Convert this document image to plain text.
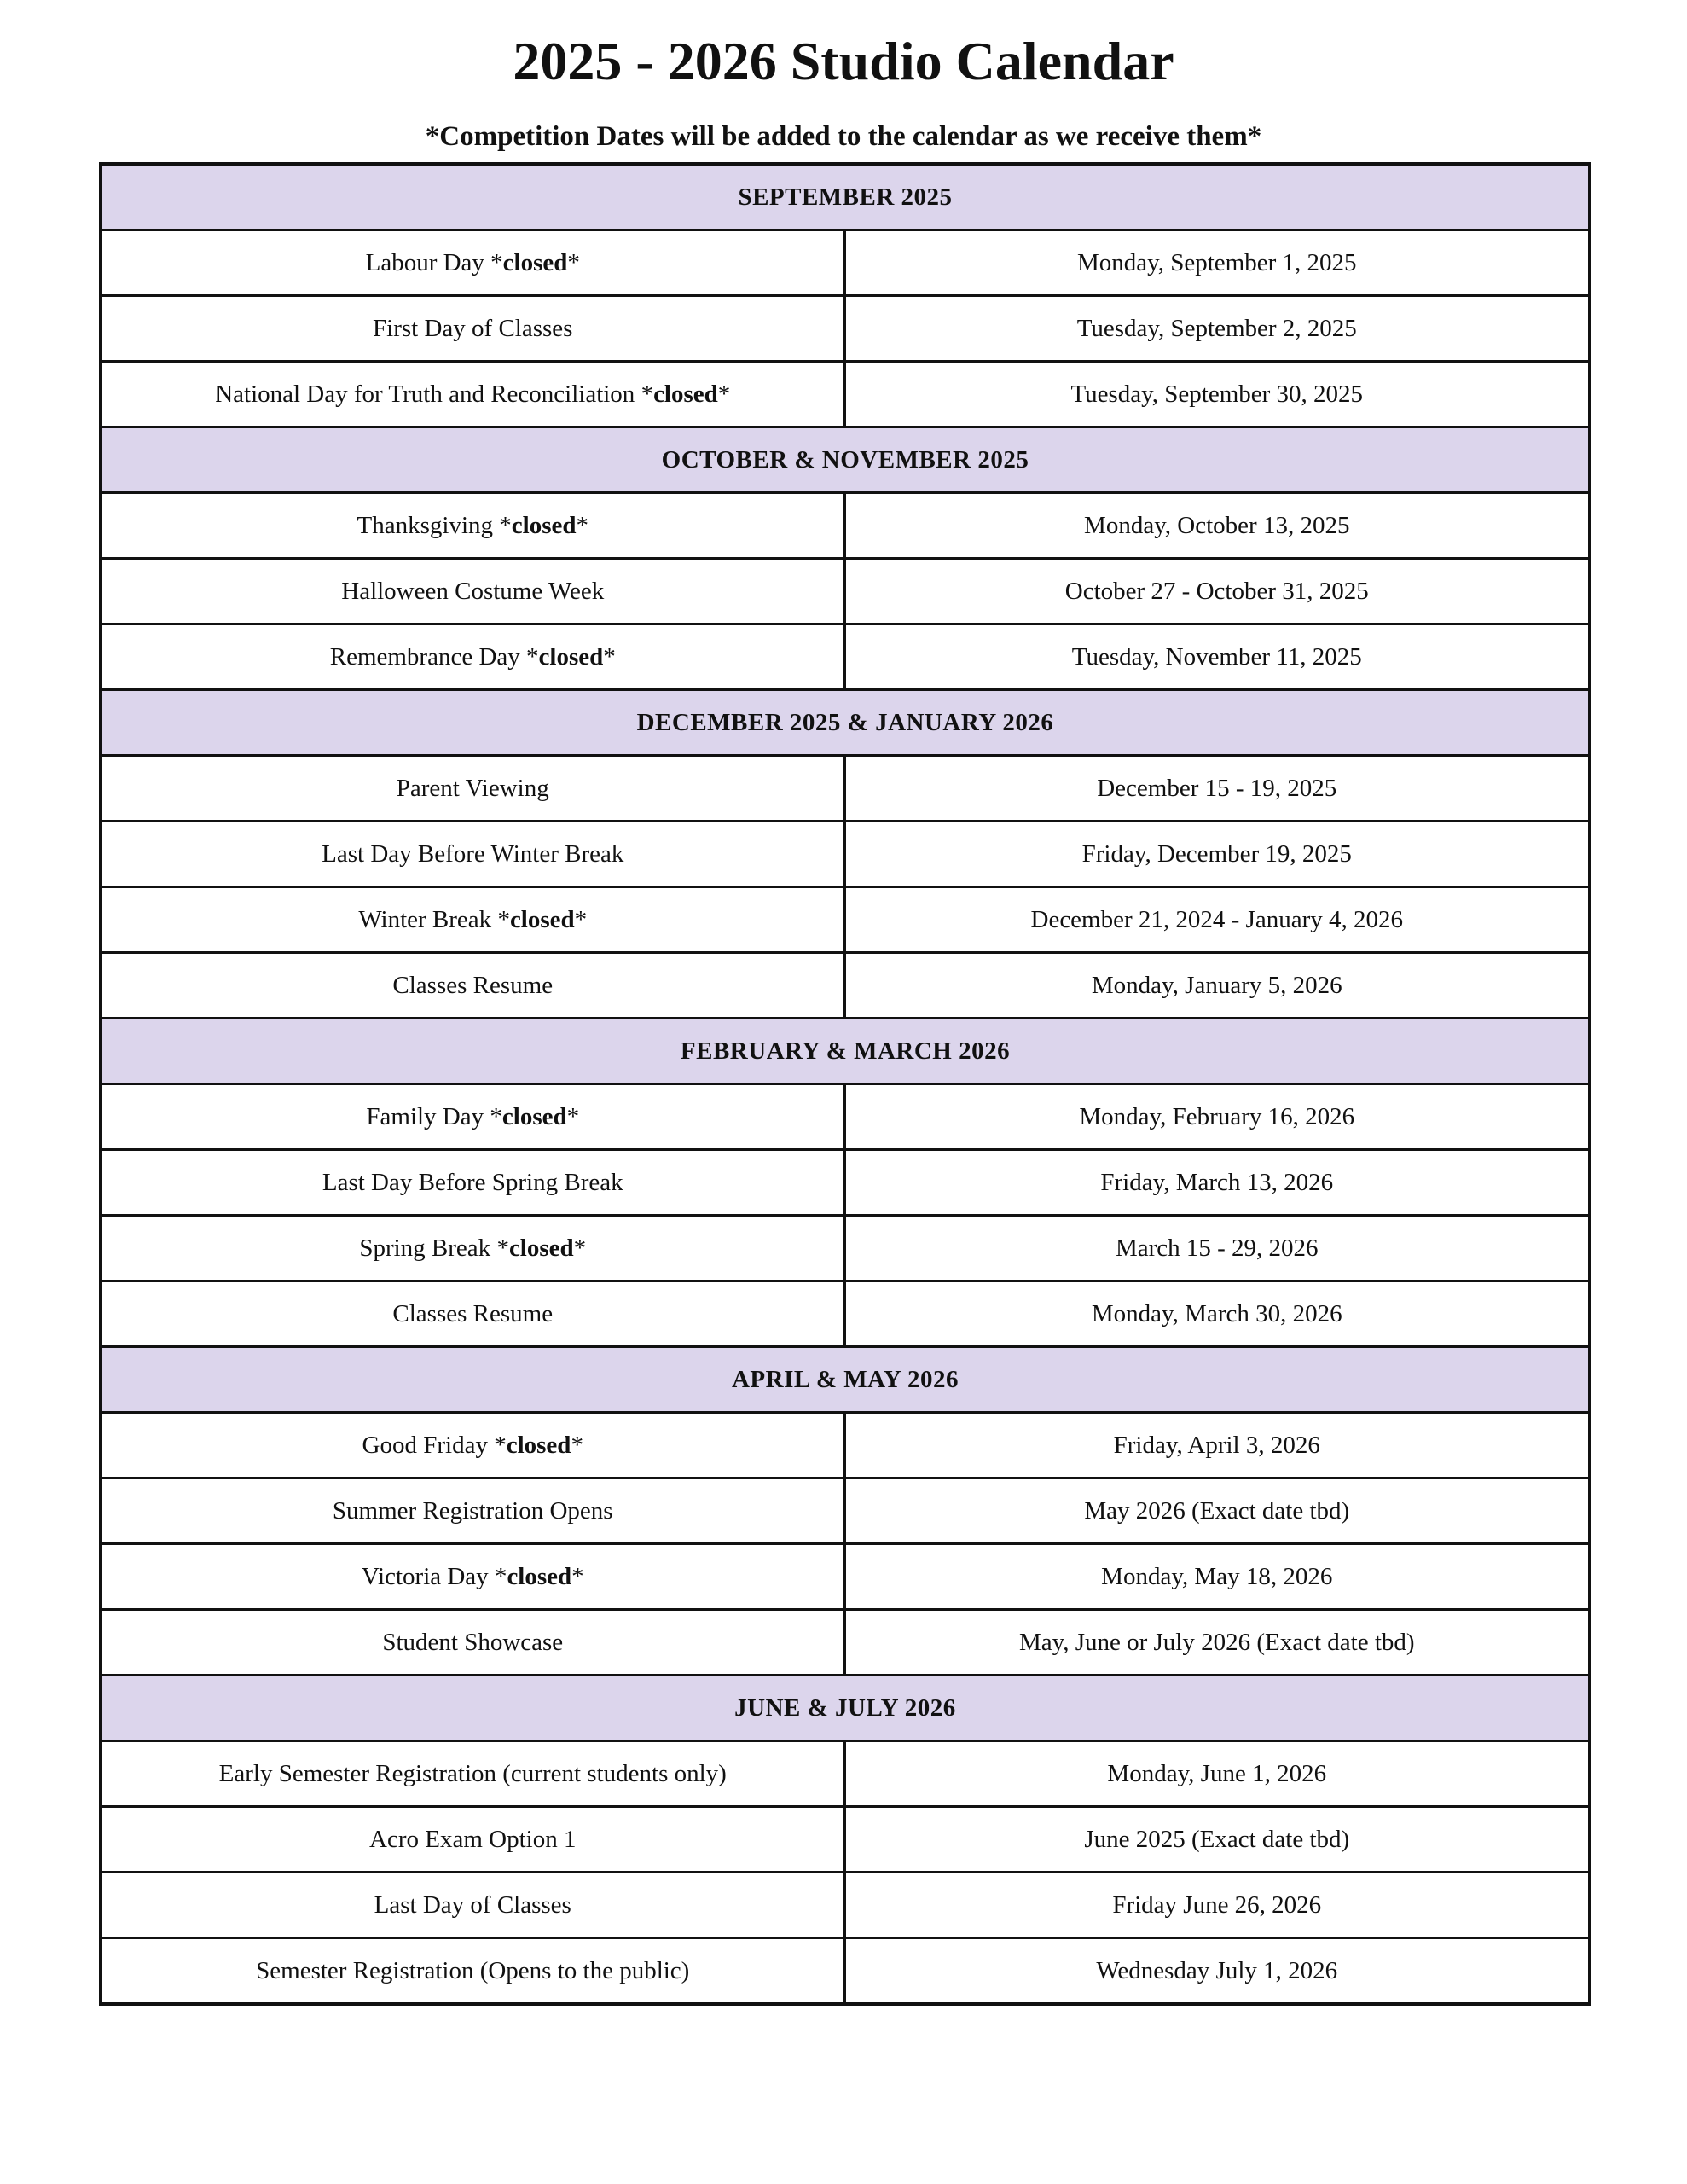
2025 - 2026 Studio Calendar
*Competition Dates will be added to the calendar as we receive them*
SEPTEMBER 2025	
Labour Day *closed*	Monday, September 1, 2025
First Day of Classes	Tuesday, September 2, 2025
National Day for Truth and Reconciliation *closed*	Tuesday, September 30, 2025
OCTOBER & NOVEMBER 2025	
Thanksgiving *closed*	Monday, October 13, 2025
Halloween Costume Week	October 27 - October 31, 2025
Remembrance Day *closed*	Tuesday, November 11, 2025
DECEMBER 2025 & JANUARY 2026	
Parent Viewing	December 15 - 19, 2025
Last Day Before Winter Break	Friday, December 19, 2025
Winter Break *closed*	December 21, 2024 - January 4, 2026
Classes Resume	Monday, January 5, 2026
FEBRUARY & MARCH 2026	
Family Day *closed*	Monday, February 16, 2026
Last Day Before Spring Break	Friday, March 13, 2026
Spring Break *closed*	March 15 - 29, 2026
Classes Resume	Monday, March 30, 2026
APRIL & MAY 2026	
Good Friday *closed*	Friday, April 3, 2026
Summer Registration Opens	May 2026 (Exact date tbd)
Victoria Day *closed*	Monday, May 18, 2026
Student Showcase	May, June or July 2026 (Exact date tbd)
JUNE & JULY 2026	
Early Semester Registration (current students only)	Monday, June 1, 2026
Acro Exam Option 1	June 2025 (Exact date tbd)
Last Day of Classes	Friday June 26, 2026
Semester Registration (Opens to the public)	Wednesday July 1, 2026
